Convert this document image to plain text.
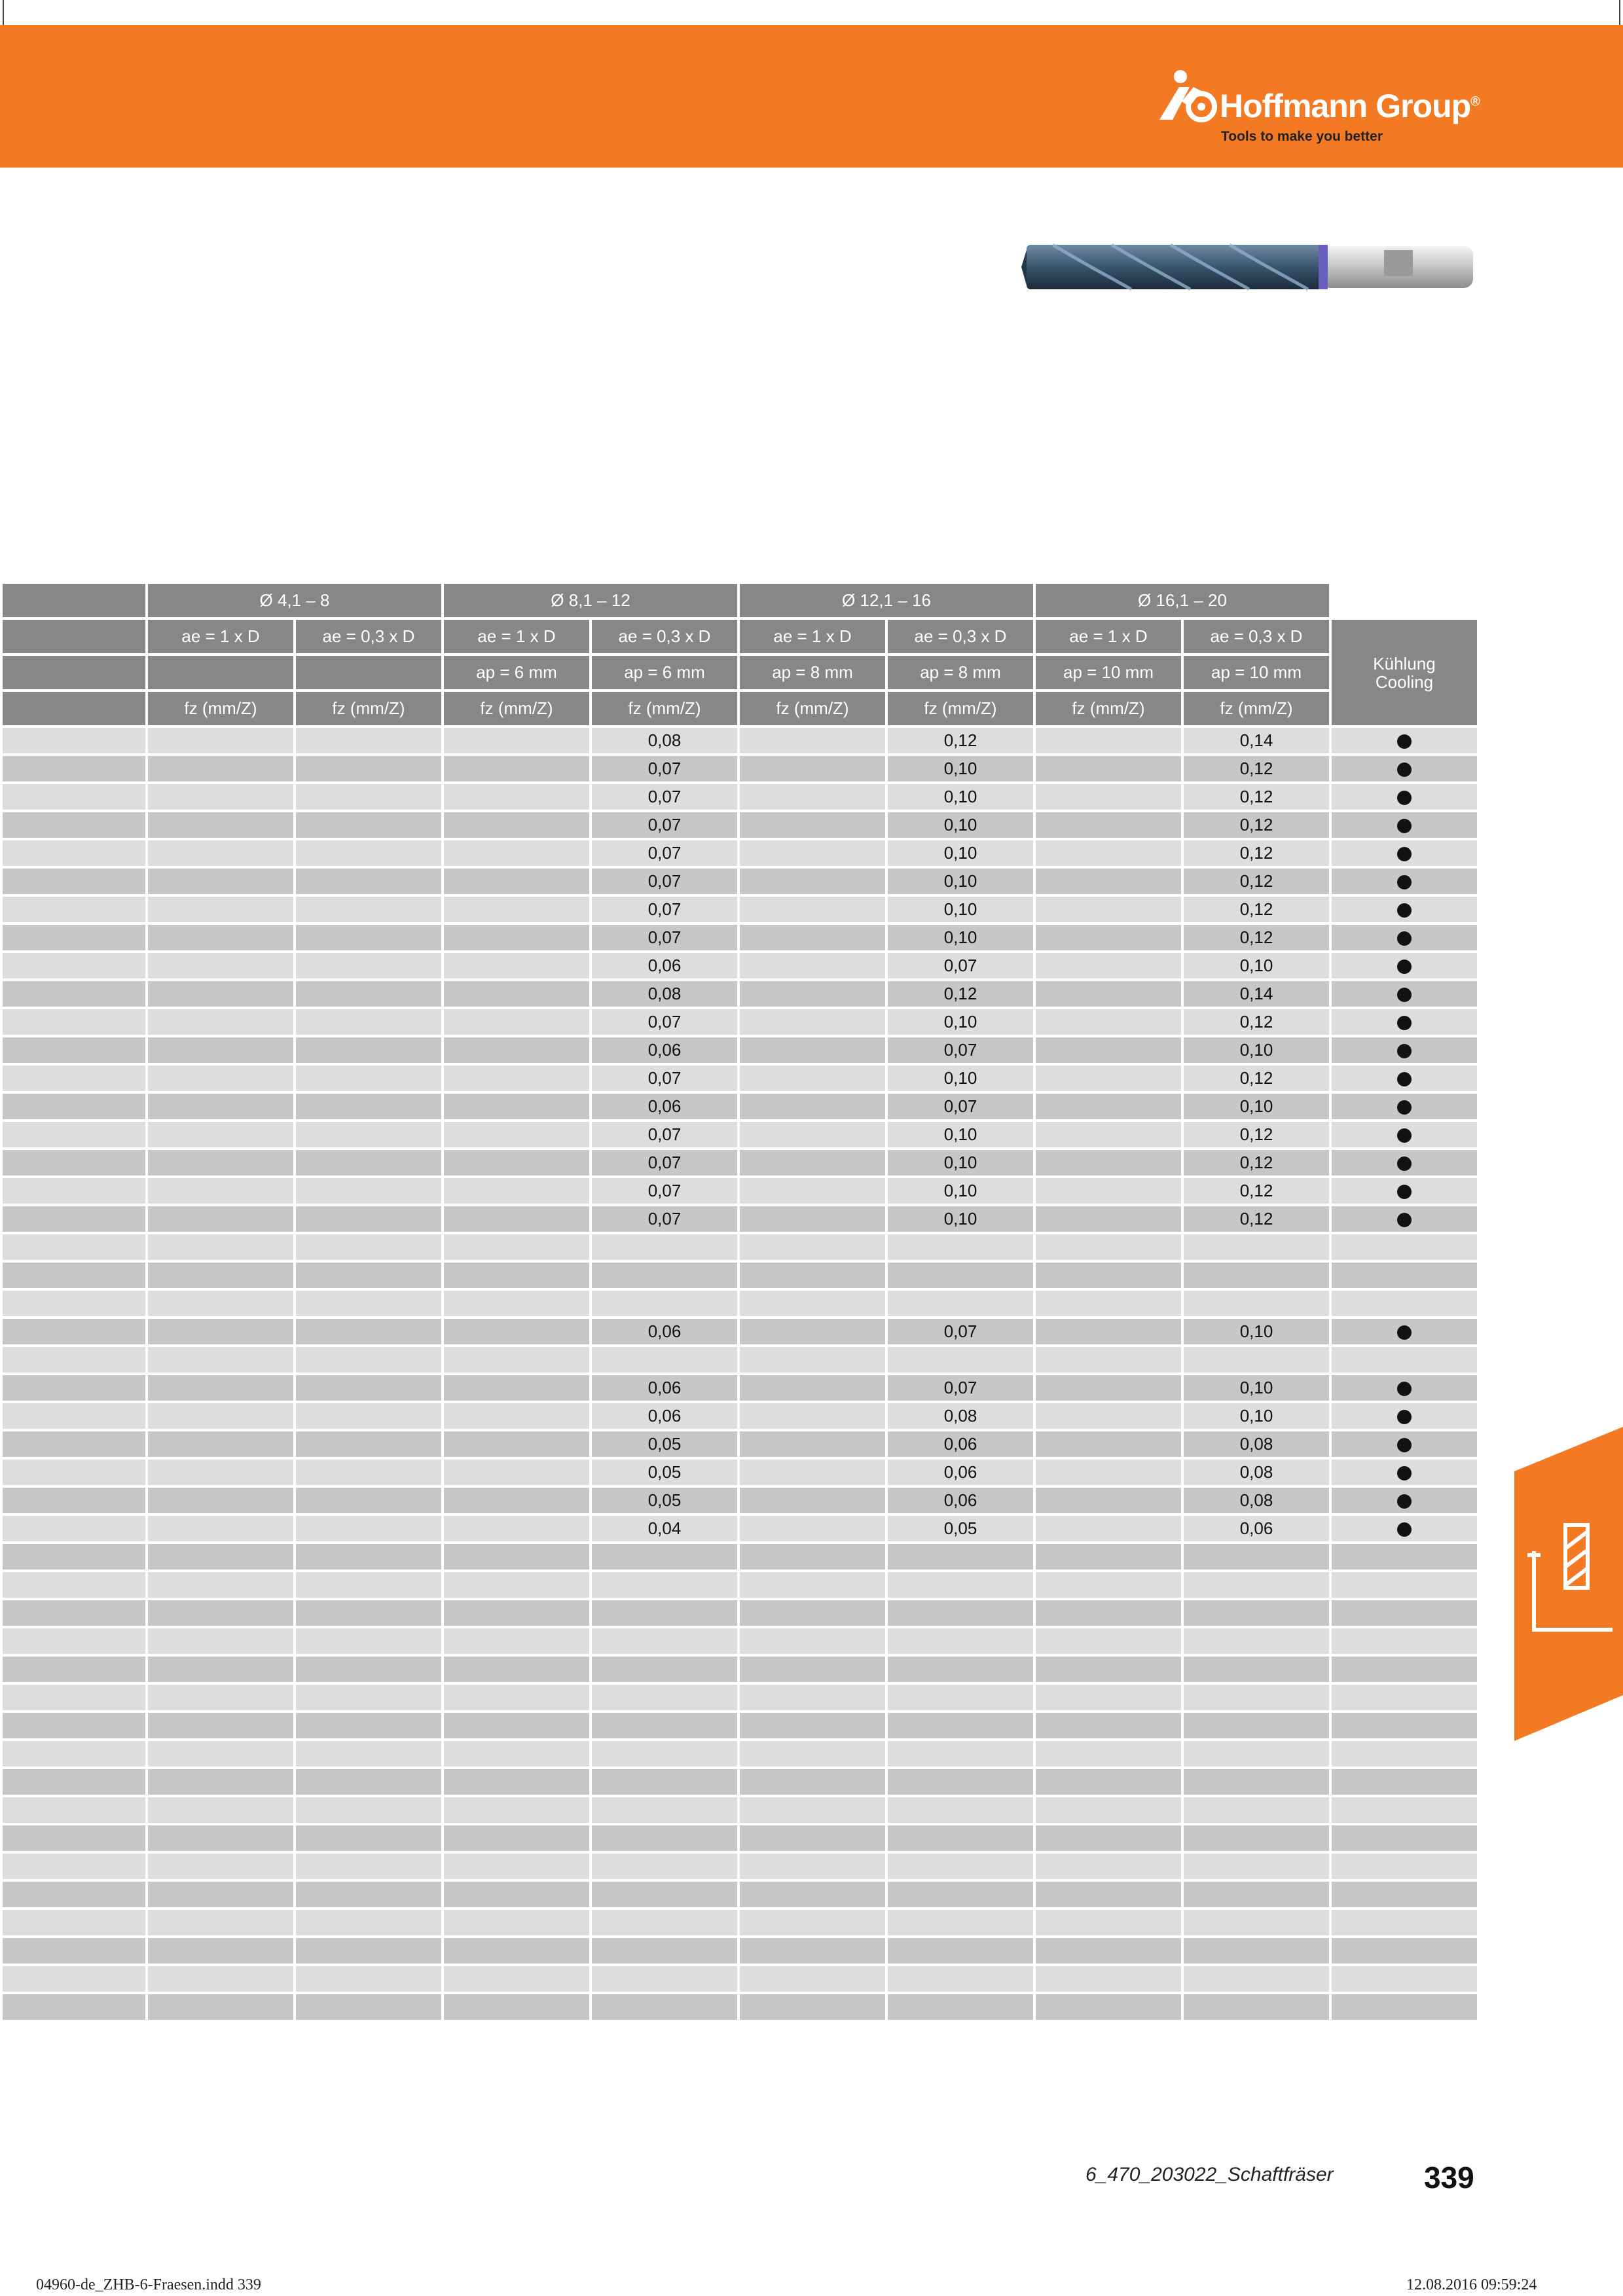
Hoffmann Group®
Tools to make you better
	Ø 4,1 – 8		Ø 8,1 – 12		Ø 12,1 – 16		Ø 16,1 – 20		
	ae = 1 x D	ae = 0,3 x D	ae = 1 x D	ae = 0,3 x D	ae = 1 x D	ae = 0,3 x D	ae = 1 x D	ae = 0,3 x D	Kühlung
Cooling
			ap = 6 mm	ap = 6 mm	ap = 8 mm	ap = 8 mm	ap = 10 mm	ap = 10 mm	
	fz (mm/Z)	fz (mm/Z)	fz (mm/Z)	fz (mm/Z)	fz (mm/Z)	fz (mm/Z)	fz (mm/Z)	fz (mm/Z)	
				0,08		0,12		0,14	
				0,07		0,10		0,12	
				0,07		0,10		0,12	
				0,07		0,10		0,12	
				0,07		0,10		0,12	
				0,07		0,10		0,12	
				0,07		0,10		0,12	
				0,07		0,10		0,12	
				0,06		0,07		0,10	
				0,08		0,12		0,14	
				0,07		0,10		0,12	
				0,06		0,07		0,10	
				0,07		0,10		0,12	
				0,06		0,07		0,10	
				0,07		0,10		0,12	
				0,07		0,10		0,12	
				0,07		0,10		0,12	
				0,07		0,10		0,12	

				0,06		0,07		0,10	

				0,06		0,07		0,10	
				0,06		0,08		0,10	
				0,05		0,06		0,08	
				0,05		0,06		0,08	
				0,05		0,06		0,08	
				0,04		0,05		0,06	

6_470_203022_Schaftfräser	339
04960-de_ZHB-6-Fraesen.indd 339	12.08.2016 09:59:24
